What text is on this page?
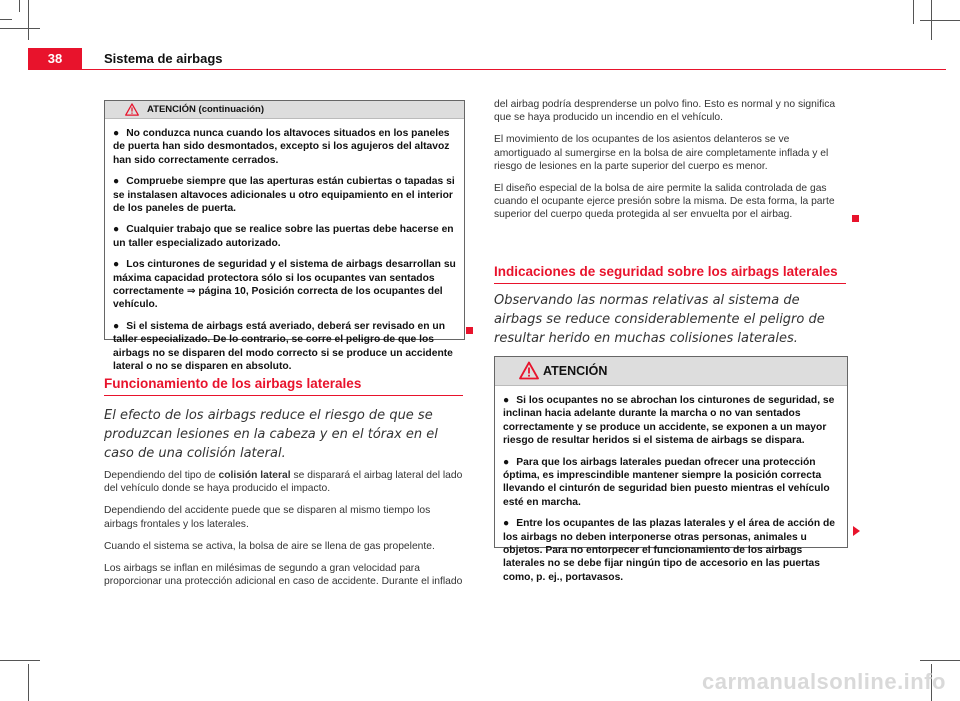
38	Sistema de airbags
ATENCIÓN (continuación)

● No conduzca nunca cuando los altavoces situados en los paneles de puerta han sido desmontados, excepto si los agujeros del altavoz han sido correctamente cerrados.

● Compruebe siempre que las aperturas están cubiertas o tapadas si se instalasen altavoces adicionales u otro equipamiento en el interior de los paneles de puerta.

● Cualquier trabajo que se realice sobre las puertas debe hacerse en un taller especializado autorizado.

● Los cinturones de seguridad y el sistema de airbags desarrollan su máxima capacidad protectora sólo si los ocupantes van sentados correctamente ⇒ página 10, Posición correcta de los ocupantes del vehículo.

● Si el sistema de airbags está averiado, deberá ser revisado en un taller especializado. De lo contrario, se corre el peligro de que los airbags no se disparen del modo correcto si se produce un accidente lateral o no se disparen en absoluto.

Funcionamiento de los airbags laterales

El efecto de los airbags reduce el riesgo de que se produzcan lesiones en la cabeza y en el tórax en el caso de una colisión lateral.

Dependiendo del tipo de colisión lateral se disparará el airbag lateral del lado del vehículo donde se haya producido el impacto.

Dependiendo del accidente puede que se disparen al mismo tiempo los airbags frontales y los laterales.

Cuando el sistema se activa, la bolsa de aire se llena de gas propelente.

Los airbags se inflan en milésimas de segundo a gran velocidad para proporcionar una protección adicional en caso de accidente. Durante el inflado

del airbag podría desprenderse un polvo fino. Esto es normal y no significa que se haya producido un incendio en el vehículo.

El movimiento de los ocupantes de los asientos delanteros se ve amortiguado al sumergirse en la bolsa de aire completamente inflada y el riesgo de lesiones en la parte superior del cuerpo es menor.

El diseño especial de la bolsa de aire permite la salida controlada de gas cuando el ocupante ejerce presión sobre la misma. De esta forma, la parte superior del cuerpo queda protegida al ser envuelta por el airbag.

Indicaciones de seguridad sobre los airbags laterales

Observando las normas relativas al sistema de airbags se reduce considerablemente el peligro de resultar herido en muchas colisiones laterales.

ATENCIÓN

● Si los ocupantes no se abrochan los cinturones de seguridad, se inclinan hacia adelante durante la marcha o no van sentados correctamente y se produce un accidente, se exponen a un mayor riesgo de resultar heridos si el sistema de airbags se dispara.

● Para que los airbags laterales puedan ofrecer una protección óptima, es imprescindible mantener siempre la posición correcta llevando el cinturón de seguridad bien puesto mientras el vehículo esté en marcha.

● Entre los ocupantes de las plazas laterales y el área de acción de los airbags no deben interponerse otras personas, animales u objetos. Para no entorpecer el funcionamiento de los airbags laterales no se debe fijar ningún tipo de accesorio en las puertas como, p. ej., portavasos.

carmanualsonline.info
